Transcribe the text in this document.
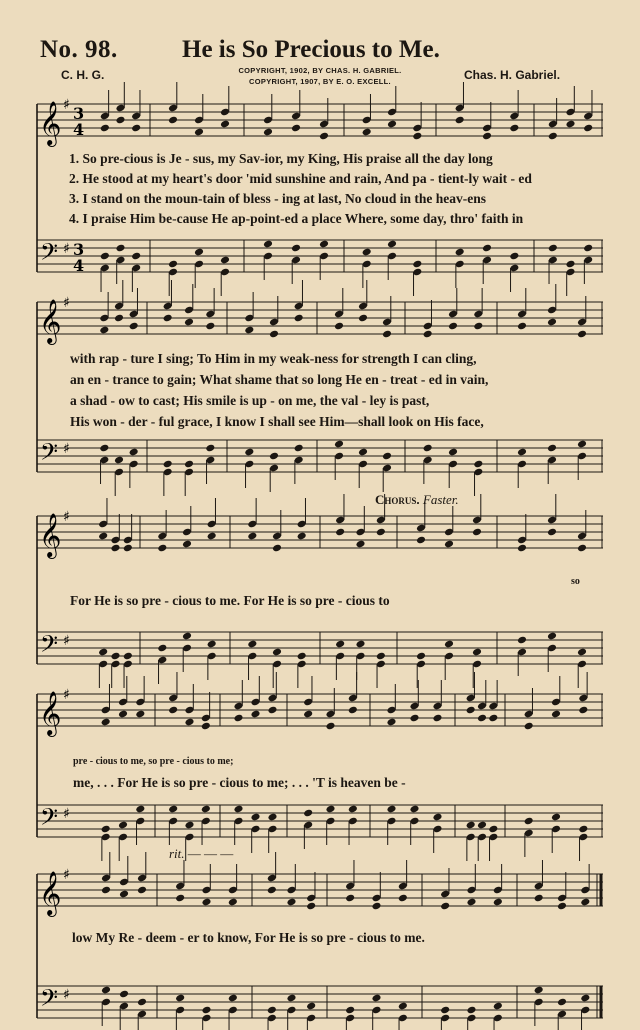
No. 98.	He is So Precious to Me.
C. H. G.	Chas. H. Gabriel.
COPYRIGHT, 1902, BY CHAS. H. GABRIEL.
COPYRIGHT, 1907, BY E. O. EXCELL.
𝄞
𝄢
♯
♯
3
4
3
4
1. So pre-cious is Je - sus, my Sav-ior, my King, His praise all the day long
2. He stood at my heart's door 'mid sunshine and rain, And pa - tient-ly wait - ed
3. I stand on the moun-tain of bless - ing at last, No cloud in the heav-ens
4. I praise Him be-cause He ap-point-ed a place Where, some day, thro' faith in
𝄞
𝄢
♯
♯
with rap - ture I sing; To Him in my weak-ness for strength I can cling,
an en - trance to gain; What shame that so long He en - treat - ed in vain,
a shad - ow to cast; His smile is up - on me, the val - ley is past,
His won - der - ful grace, I know I shall see Him—shall look on His face,
Chorus. Faster.
𝄞
𝄢
♯
♯
For He is so pre - cious to me. For He is so pre - cious to
so
𝄞
𝄢
♯
♯
pre - cious to me, so pre - cious to me;
me, . . . For He is so pre - cious to me; . . . 'T is heaven be -
rit. — — —
𝄞
𝄢
♯
♯
low My Re - deem - er to know, For He is so pre - cious to me.
